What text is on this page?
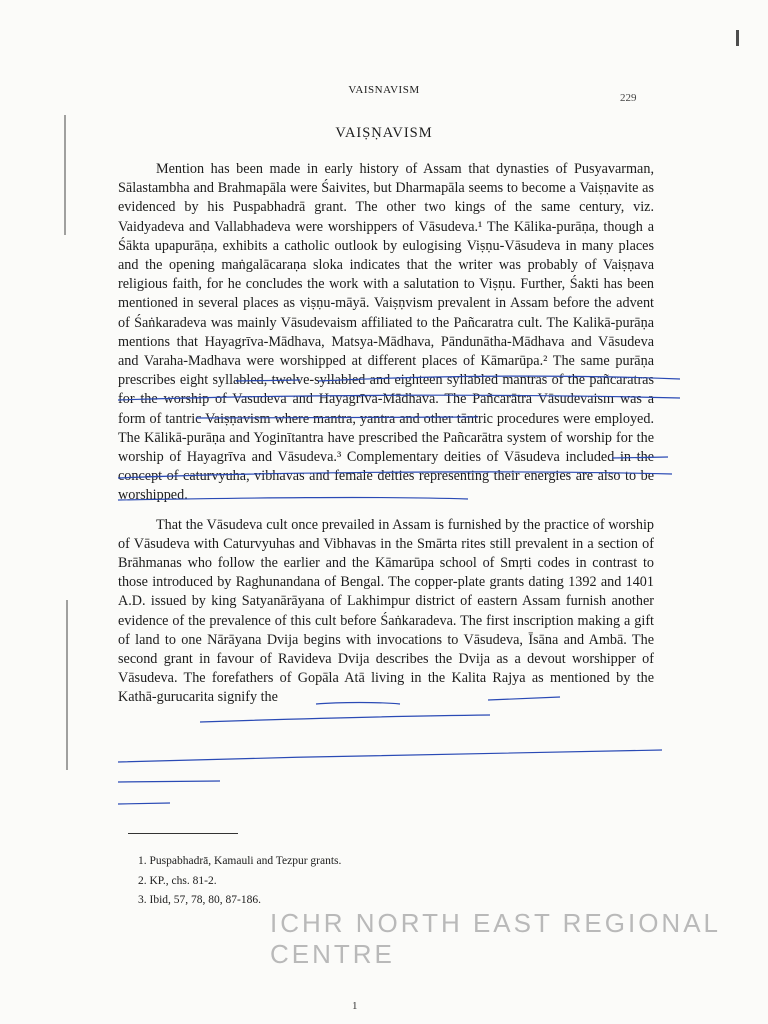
VAISNAVISM
229
VAIṢṆAVISM

Mention has been made in early history of Assam that dynasties of Pusyavarman, Sālastambha and Brahmapāla were Śaivites, but Dharmapāla seems to become a Vaiṣṇavite as evidenced by his Puspabhadrā grant. The other two kings of the same century, viz. Vaidyadeva and Vallabhadeva were worshippers of Vāsudeva.¹ The Kālika-purāṇa, though a Śākta upapurāṇa, exhibits a catholic outlook by eulogising Viṣṇu-Vāsudeva in many places and the opening maṅgalācaraṇa sloka indicates that the writer was probably of Vaiṣṇava religious faith, for he concludes the work with a salutation to Viṣṇu. Further, Śakti has been mentioned in several places as viṣṇu-māyā. Vaiṣṇvism prevalent in Assam before the advent of Śaṅkaradeva was mainly Vāsudevaism affiliated to the Pañcaratra cult. The Kalikā-purāṇa mentions that Hayagrīva-Mādhava, Matsya-Mādhava, Pāndunātha-Mādhava and Vāsudeva and Varaha-Madhava were worshipped at different places of Kāmarūpa.² The same purāṇa prescribes eight syllabled, twelve-syllabled and eighteen syllabled mantras of the pañcaratras for the worship of Vasudeva and Hayagrīva-Mādhava. The Pañcarātra Vāsudevaism was a form of tantric Vaiṣṇavism where mantra, yantra and other tāntric procedures were employed. The Kālikā-purāṇa and Yoginītantra have prescribed the Pañcarātra system of worship for the worship of Hayagrīva and Vāsudeva.³ Complementary deities of Vāsudeva included in the concept of caturvyuha, vibhavas and female deities representing their energies are also to be worshipped.

That the Vāsudeva cult once prevailed in Assam is furnished by the practice of worship of Vāsudeva with Caturvyuhas and Vibhavas in the Smārta rites still prevalent in a section of Brāhmanas who follow the earlier and the Kāmarūpa school of Smṛti codes in contrast to those introduced by Raghunandana of Bengal. The copper-plate grants dating 1392 and 1401 A.D. issued by king Satyanārāyana of Lakhimpur district of eastern Assam furnish another evidence of the prevalence of this cult before Śaṅkaradeva. The first inscription making a gift of land to one Nārāyana Dvija begins with invocations to Vāsudeva, Īsāna and Ambā. The second grant in favour of Ravideva Dvija describes the Dvija as a devout worshipper of Vāsudeva. The forefathers of Gopāla Atā living in the Kalita Rajya as mentioned by the Kathā-gurucarita signify the

1. Puspabhadrā, Kamauli and Tezpur grants.

2. KP., chs. 81-2.

3. Ibid, 57, 78, 80, 87-186.

ICHR NORTH EAST REGIONAL CENTRE
1
